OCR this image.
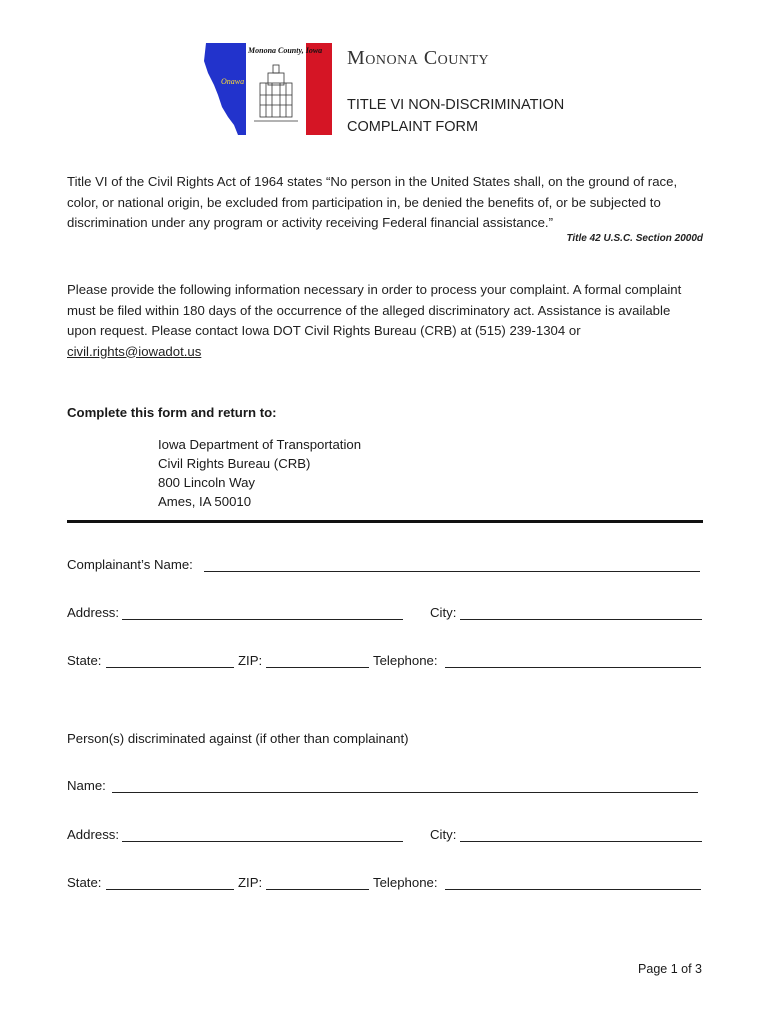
Monona County, Iowa
Onawa
Monona County
TITLE VI NON-DISCRIMINATION
COMPLAINT FORM
Title VI of the Civil Rights Act of 1964 states “No person in the United States shall, on the ground of race, color, or national origin, be excluded from participation in, be denied the benefits of, or be subjected to discrimination under any program or activity receiving Federal financial assistance.”
Title 42 U.S.C. Section 2000d
Please provide the following information necessary in order to process your complaint. A formal complaint must be filed within 180 days of the occurrence of the alleged discriminatory act. Assistance is available upon request. Please contact Iowa DOT Civil Rights Bureau (CRB) at (515) 239-1304 or civil.rights@iowadot.us
Complete this form and return to:
Iowa Department of Transportation
Civil Rights Bureau (CRB)
800 Lincoln Way
Ames, IA 50010
Complainant’s Name:
Address:	City:
State:	ZIP:	Telephone:
Person(s) discriminated against (if other than complainant)
Name:
Address:	City:
State:	ZIP:	Telephone:
Page 1 of 3
